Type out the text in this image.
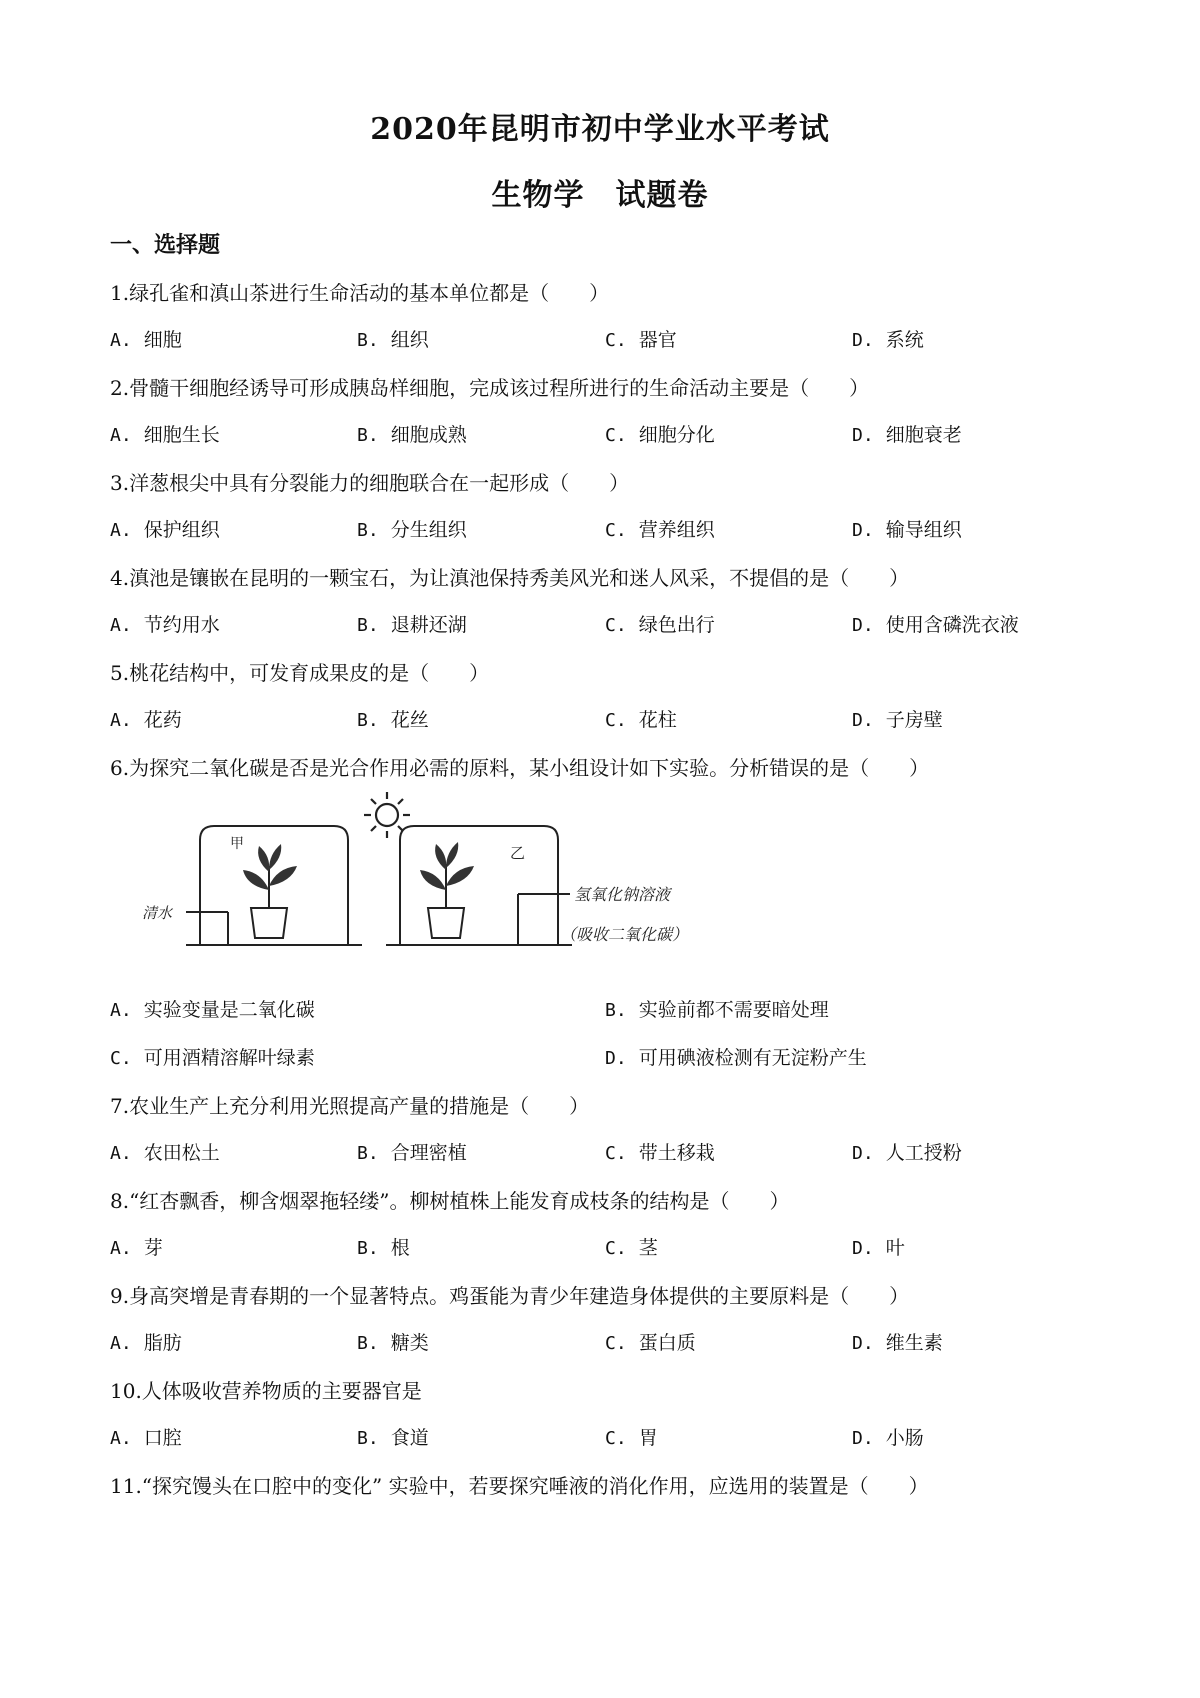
2020年昆明市初中学业水平考试
生物学　试题卷
一、选择题
1.绿孔雀和滇山茶进行生命活动的基本单位都是（　　）
A. 细胞	B. 组织	C. 器官	D. 系统
2.骨髓干细胞经诱导可形成胰岛样细胞，完成该过程所进行的生命活动主要是（　　）
A. 细胞生长	B. 细胞成熟	C. 细胞分化	D. 细胞衰老
3.洋葱根尖中具有分裂能力的细胞联合在一起形成（　　）
A. 保护组织	B. 分生组织	C. 营养组织	D. 输导组织
4.滇池是镶嵌在昆明的一颗宝石，为让滇池保持秀美风光和迷人风采，不提倡的是（　　）
A. 节约用水	B. 退耕还湖	C. 绿色出行	D. 使用含磷洗衣液
5.桃花结构中，可发育成果皮的是（　　）
A. 花药	B. 花丝	C. 花柱	D. 子房壁
6.为探究二氧化碳是否是光合作用必需的原料，某小组设计如下实验。分析错误的是（　　）
甲
清水
乙
氢氧化钠溶液
（吸收二氧化碳）
A. 实验变量是二氧化碳	B. 实验前都不需要暗处理
C. 可用酒精溶解叶绿素	D. 可用碘液检测有无淀粉产生
7.农业生产上充分利用光照提高产量的措施是（　　）
A. 农田松土	B. 合理密植	C. 带土移栽	D. 人工授粉
8.“红杏飘香，柳含烟翠拖轻缕”。柳树植株上能发育成枝条的结构是（　　）
A. 芽	B. 根	C. 茎	D. 叶
9.身高突增是青春期的一个显著特点。鸡蛋能为青少年建造身体提供的主要原料是（　　）
A. 脂肪	B. 糖类	C. 蛋白质	D. 维生素
10.人体吸收营养物质的主要器官是
A. 口腔	B. 食道	C. 胃	D. 小肠
11.“探究馒头在口腔中的变化” 实验中，若要探究唾液的消化作用，应选用的装置是（　　）
